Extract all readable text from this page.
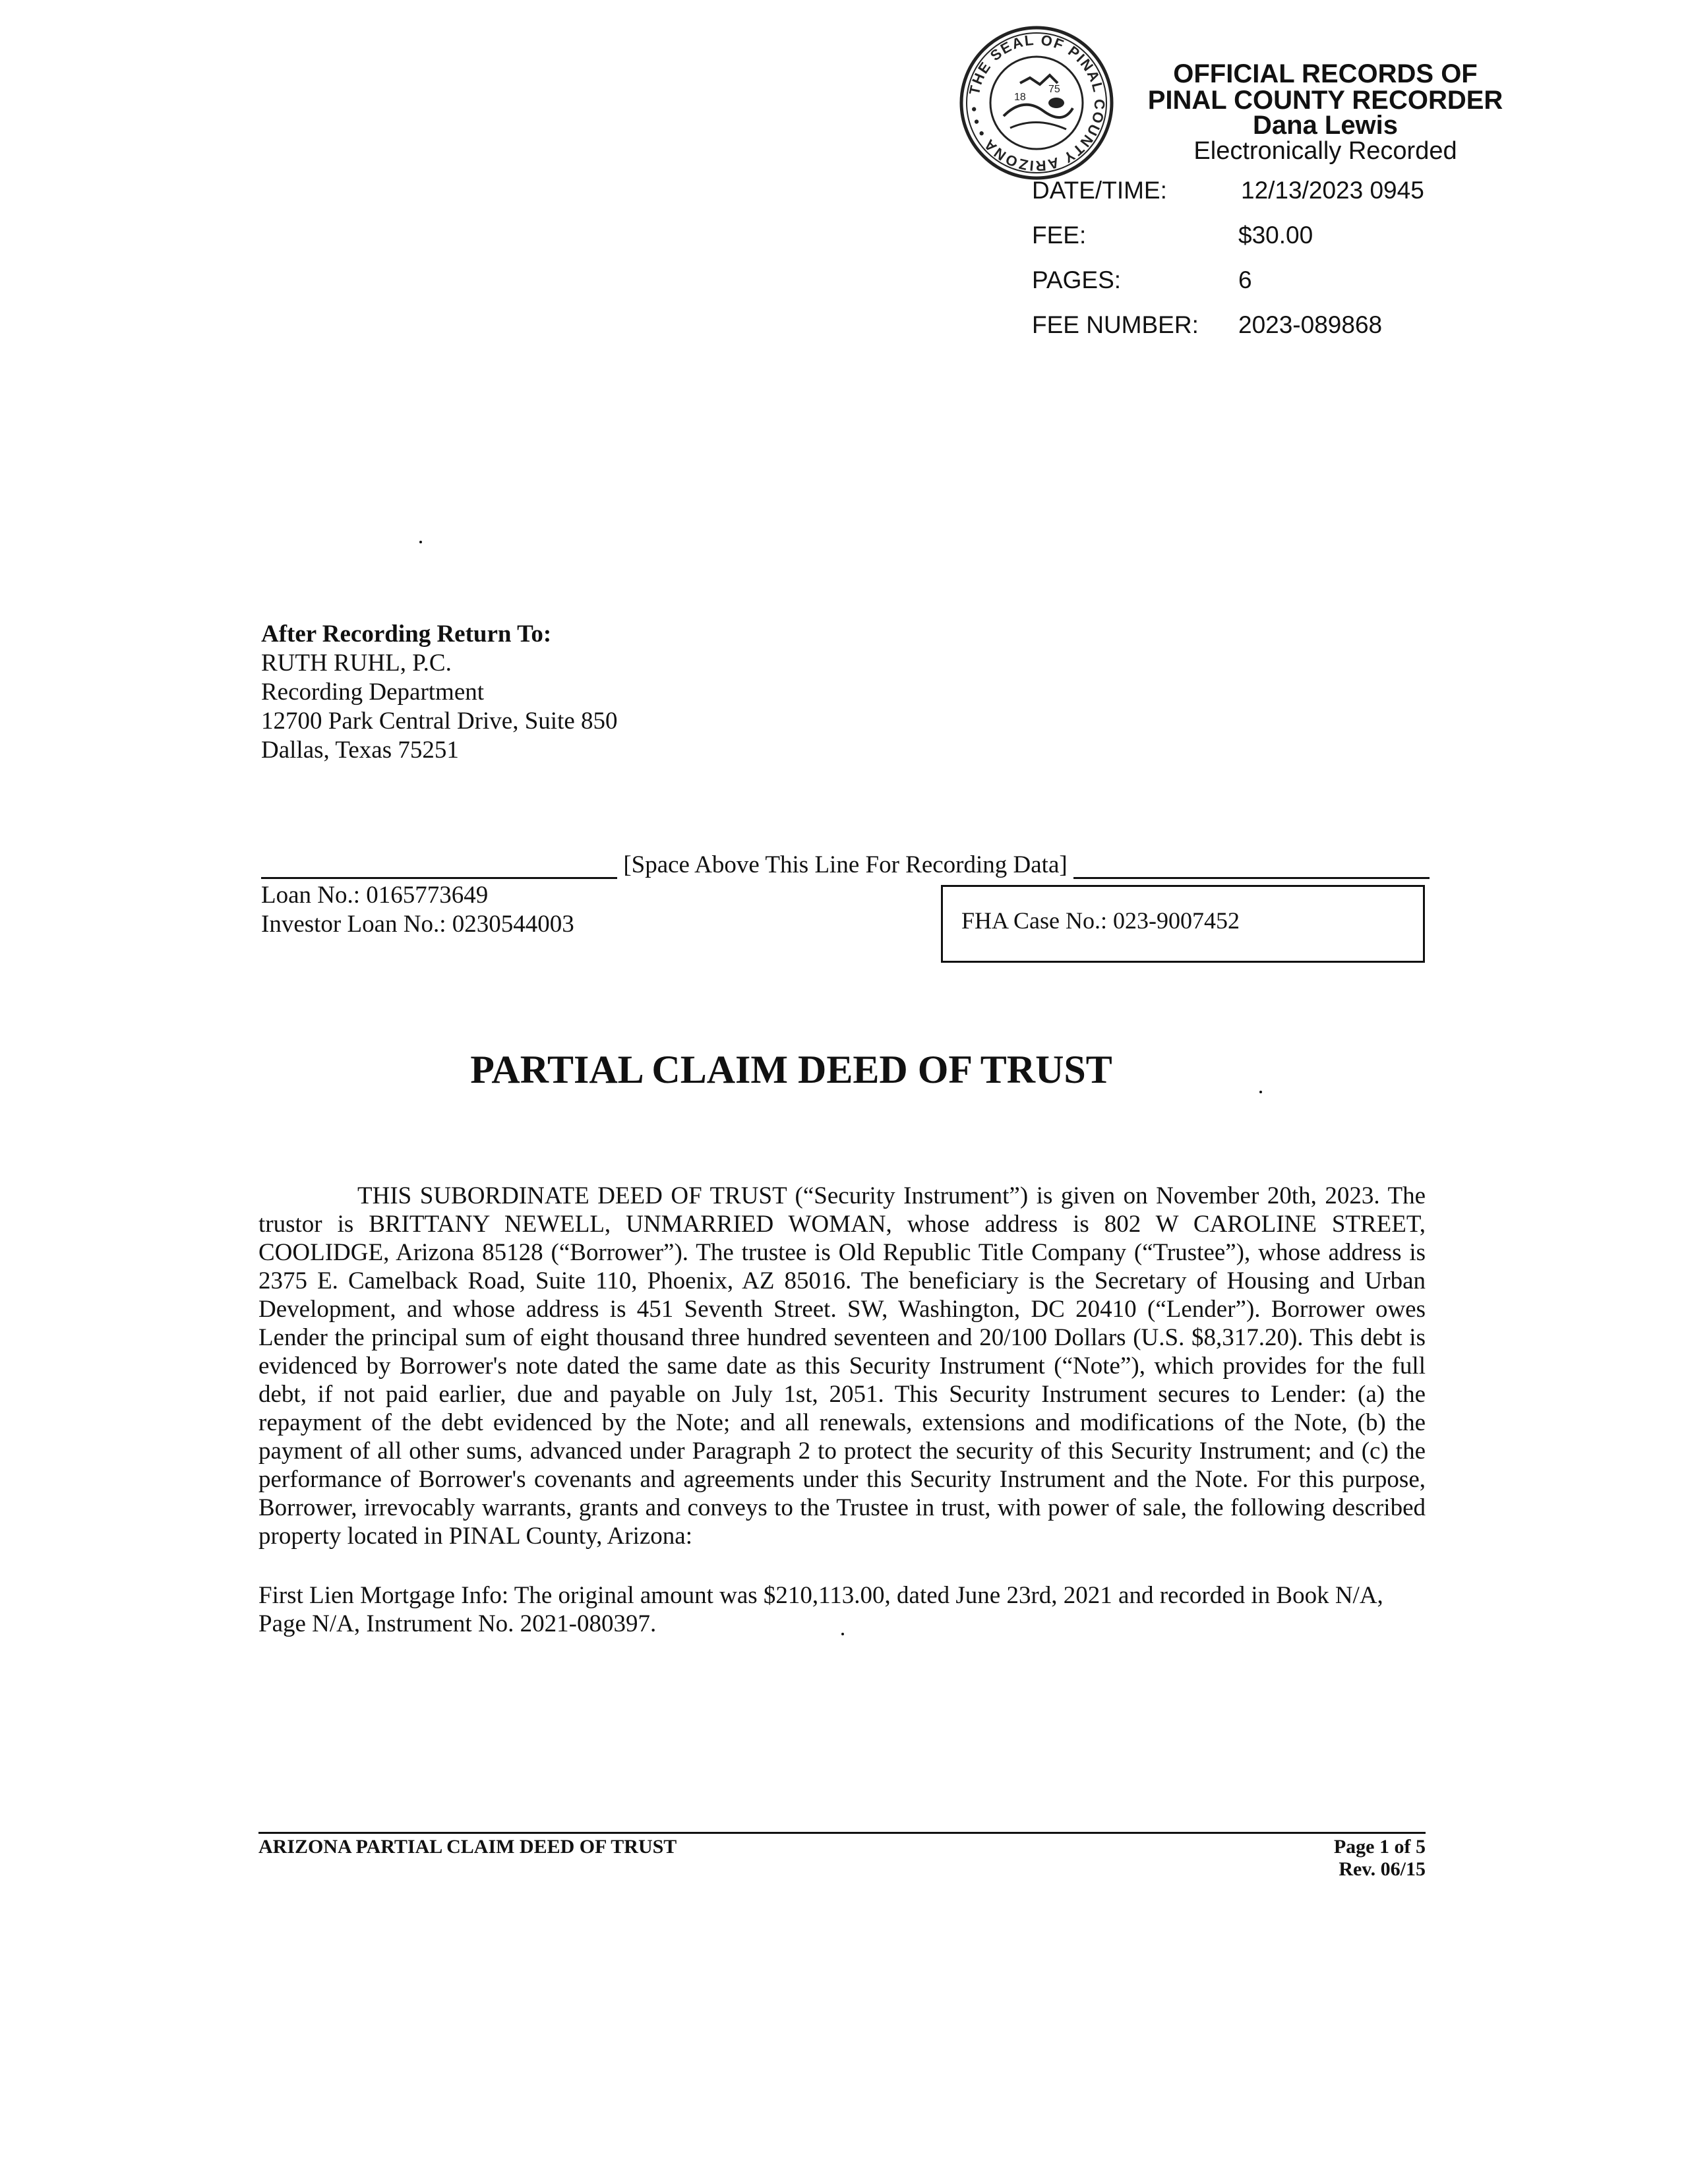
THE SEAL OF PINAL COUNTY ARIZONA • • •
18
75
OFFICIAL RECORDS OF
PINAL COUNTY RECORDER
Dana Lewis
Electronically Recorded
DATE/TIME:	12/13/2023 0945
FEE:	$30.00
PAGES:	6
FEE NUMBER: 2023-089868
After Recording Return To:
RUTH RUHL, P.C.
Recording Department
12700 Park Central Drive, Suite 850
Dallas, Texas 75251
[Space Above This Line For Recording Data]
Loan No.: 0165773649
Investor Loan No.: 0230544003	FHA Case No.: 023-9007452
PARTIAL CLAIM DEED OF TRUST

THIS SUBORDINATE DEED OF TRUST (“Security Instrument”) is given on November 20th, 2023. The trustor is BRITTANY NEWELL, UNMARRIED WOMAN, whose address is 802 W CAROLINE STREET, COOLIDGE, Arizona 85128 (“Borrower”). The trustee is Old Republic Title Company (“Trustee”), whose address is 2375 E. Camelback Road, Suite 110, Phoenix, AZ 85016. The beneficiary is the Secretary of Housing and Urban Development, and whose address is 451 Seventh Street. SW, Washington, DC 20410 (“Lender”). Borrower owes Lender the principal sum of eight thousand three hundred seventeen and 20/100 Dollars (U.S. $8,317.20). This debt is evidenced by Borrower's note dated the same date as this Security Instrument (“Note”), which provides for the full debt, if not paid earlier, due and payable on July 1st, 2051. This Security Instrument secures to Lender: (a) the repayment of the debt evidenced by the Note; and all renewals, extensions and modifications of the Note, (b) the payment of all other sums, advanced under Paragraph 2 to protect the security of this Security Instrument; and (c) the performance of Borrower's covenants and agreements under this Security Instrument and the Note. For this purpose, Borrower, irrevocably warrants, grants and conveys to the Trustee in trust, with power of sale, the following described property located in PINAL County, Arizona:

First Lien Mortgage Info: The original amount was $210,113.00, dated June 23rd, 2021 and recorded in Book N/A, Page N/A, Instrument No. 2021-080397.

ARIZONA PARTIAL CLAIM DEED OF TRUST	Page 1 of 5
Rev. 06/15
